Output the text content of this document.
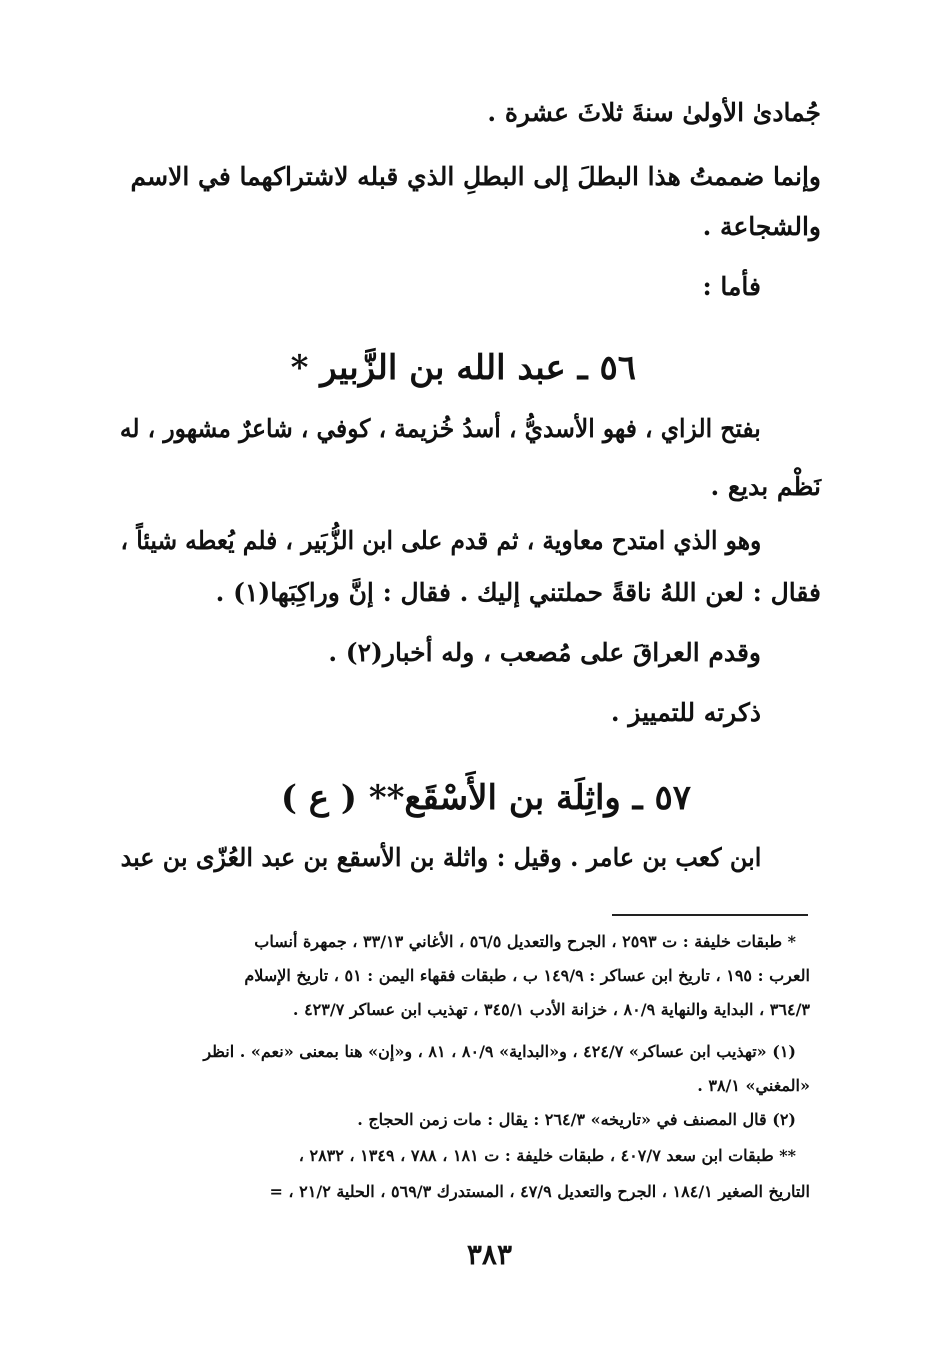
جُمادىٰ الأولىٰ سنةَ ثلاثَ عشرة .

وإنما ضممتُ هذا البطلَ إلى البطلِ الذي قبله لاشتراكهما في الاسم

والشجاعة .

فأما :

٥٦ ـ عبد الله بن الزَّبير *

بفتح الزاي ، فهو الأسديُّ ، أسدُ خُزيمة ، كوفي ، شاعرٌ مشهور ، له

نَظْم بديع .

وهو الذي امتدح معاوية ، ثم قدم على ابن الزُّبَير ، فلم يُعطه شيئاً ،

فقال : لعن اللهُ ناقةً حملتني إليك . فقال : إنَّ وراكِبَها(١) .

وقدم العراقَ على مُصعب ، وله أخبار(٢) .

ذكرته للتمييز .

٥٧ ـ واثِلَة بن الأَسْقَع** ( ع )

ابن كعب بن عامر . وقيل : واثلة بن الأسقع بن عبد العُزّى بن عبد

* طبقات خليفة : ت ٢٥٩٣ ، الجرح والتعديل ٥٦/٥ ، الأغاني ٣٣/١٣ ، جمهرة أنساب

العرب : ١٩٥ ، تاريخ ابن عساكر : ١٤٩/٩ ب ، طبقات فقهاء اليمن : ٥١ ، تاريخ الإسلام

٣٦٤/٣ ، البداية والنهاية ٨٠/٩ ، خزانة الأدب ٣٤٥/١ ، تهذيب ابن عساكر ٤٢٣/٧ .

(١) «تهذيب ابن عساكر» ٤٢٤/٧ ، و«البداية» ٨٠/٩ ، ٨١ ، و«إن» هنا بمعنى «نعم» . انظر

«المغني» ٣٨/١ .

(٢) قال المصنف في «تاريخه» ٢٦٤/٣ : يقال : مات زمن الحجاج .

** طبقات ابن سعد ٤٠٧/٧ ، طبقات خليفة : ت ١٨١ ، ٧٨٨ ، ١٣٤٩ ، ٢٨٣٢ ،

التاريخ الصغير ١٨٤/١ ، الجرح والتعديل ٤٧/٩ ، المستدرك ٥٦٩/٣ ، الحلية ٢١/٢ ، =

٣٨٣
